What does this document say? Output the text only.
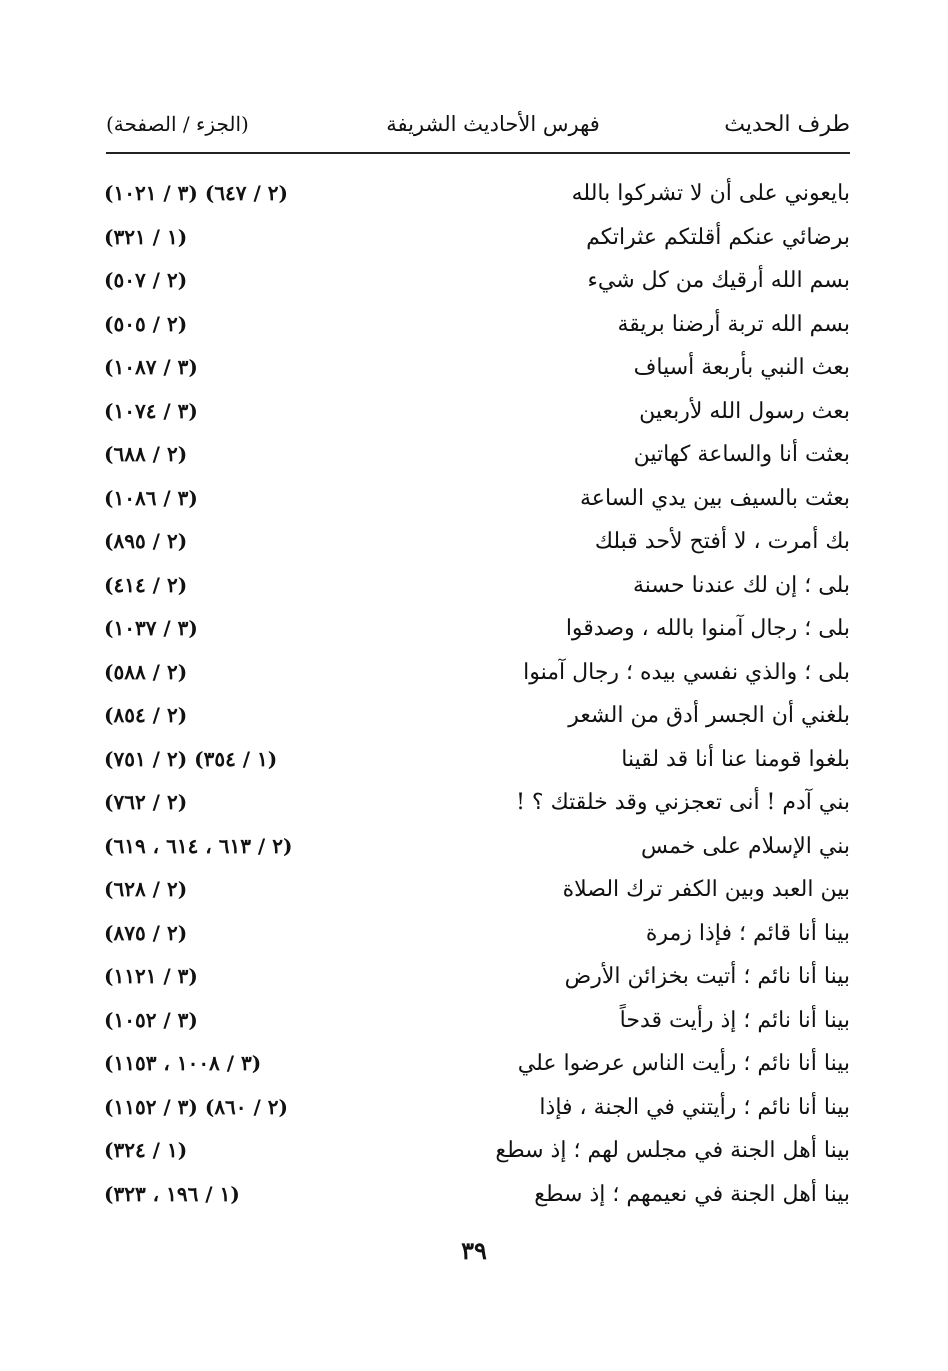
طرف الحديث
فهرس الأحاديث الشريفة
(الجزء / الصفحة)
بايعوني على أن لا تشركوا بالله
(٢ / ٦٤٧) (٣ / ١٠٢١)
برضائي عنكم أقلتكم عثراتكم
(١ / ٣٢١)
بسم الله أرقيك من كل شيء
(٢ / ٥٠٧)
بسم الله تربة أرضنا بريقة
(٢ / ٥٠٥)
بعث النبي بأربعة أسياف
(٣ / ١٠٨٧)
بعث رسول الله لأربعين
(٣ / ١٠٧٤)
بعثت أنا والساعة كهاتين
(٢ / ٦٨٨)
بعثت بالسيف بين يدي الساعة
(٣ / ١٠٨٦)
بك أمرت ، لا أفتح لأحد قبلك
(٢ / ٨٩٥)
بلى ؛ إن لك عندنا حسنة
(٢ / ٤١٤)
بلى ؛ رجال آمنوا بالله ، وصدقوا
(٣ / ١٠٣٧)
بلى ؛ والذي نفسي بيده ؛ رجال آمنوا
(٢ / ٥٨٨)
بلغني أن الجسر أدق من الشعر
(٢ / ٨٥٤)
بلغوا قومنا عنا أنا قد لقينا
(١ / ٣٥٤) (٢ / ٧٥١)
بني آدم ! أنى تعجزني وقد خلقتك ؟ !
(٢ / ٧٦٢)
بني الإسلام على خمس
(٢ / ٦١٣ ، ٦١٤ ، ٦١٩)
بين العبد وبين الكفر ترك الصلاة
(٢ / ٦٢٨)
بينا أنا قائم ؛ فإذا زمرة
(٢ / ٨٧٥)
بينا أنا نائم ؛ أتيت بخزائن الأرض
(٣ / ١١٢١)
بينا أنا نائم ؛ إذ رأيت قدحاً
(٣ / ١٠٥٢)
بينا أنا نائم ؛ رأيت الناس عرضوا علي
(٣ / ١٠٠٨ ، ١١٥٣)
بينا أنا نائم ؛ رأيتني في الجنة ، فإذا
(٢ / ٨٦٠) (٣ / ١١٥٢)
بينا أهل الجنة في مجلس لهم ؛ إذ سطع
(١ / ٣٢٤)
بينا أهل الجنة في نعيمهم ؛ إذ سطع
(١ / ١٩٦ ، ٣٢٣)
٣٩
